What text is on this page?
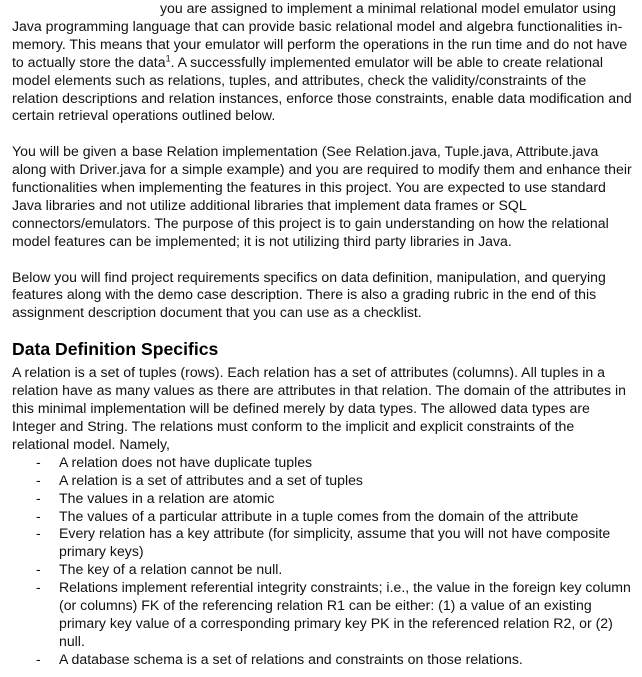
you are assigned to implement a minimal relational model emulator using Java programming language that can provide basic relational model and algebra functionalities in-memory. This means that your emulator will perform the operations in the run time and do not have to actually store the data$^1$. A successfully implemented emulator will be able to create relational model elements such as relations, tuples, and attributes, check the validity/constraints of the relation descriptions and relation instances, enforce those constraints, enable data modification and certain retrieval operations outlined below.

You will be given a base Relation implementation (See Relation.java, Tuple.java, Attribute.java along with Driver.java for a simple example) and you are required to modify them and enhance their functionalities when implementing the features in this project. You are expected to use standard Java libraries and not utilize additional libraries that implement data frames or SQL connectors/emulators. The purpose of this project is to gain understanding on how the relational model features can be implemented; it is not utilizing third party libraries in Java.

Below you will find project requirements specifics on data definition, manipulation, and querying features along with the demo case description. There is also a grading rubric in the end of this assignment description document that you can use as a checklist.

Data Definition Specifics

A relation is a set of tuples (rows). Each relation has a set of attributes (columns). All tuples in a relation have as many values as there are attributes in that relation. The domain of the attributes in this minimal implementation will be defined merely by data types. The allowed data types are Integer and String. The relations must conform to the implicit and explicit constraints of the relational model. Namely,

- A relation does not have duplicate tuples
- A relation is a set of attributes and a set of tuples
- The values in a relation are atomic
- The values of a particular attribute in a tuple comes from the domain of the attribute
- Every relation has a key attribute (for simplicity, assume that you will not have composite primary keys)
- The key of a relation cannot be null.
- Relations implement referential integrity constraints; i.e., the value in the foreign key column (or columns) FK of the referencing relation R1 can be either: (1) a value of an existing primary key value of a corresponding primary key PK in the referenced relation R2, or (2) null.
- A database schema is a set of relations and constraints on those relations.
